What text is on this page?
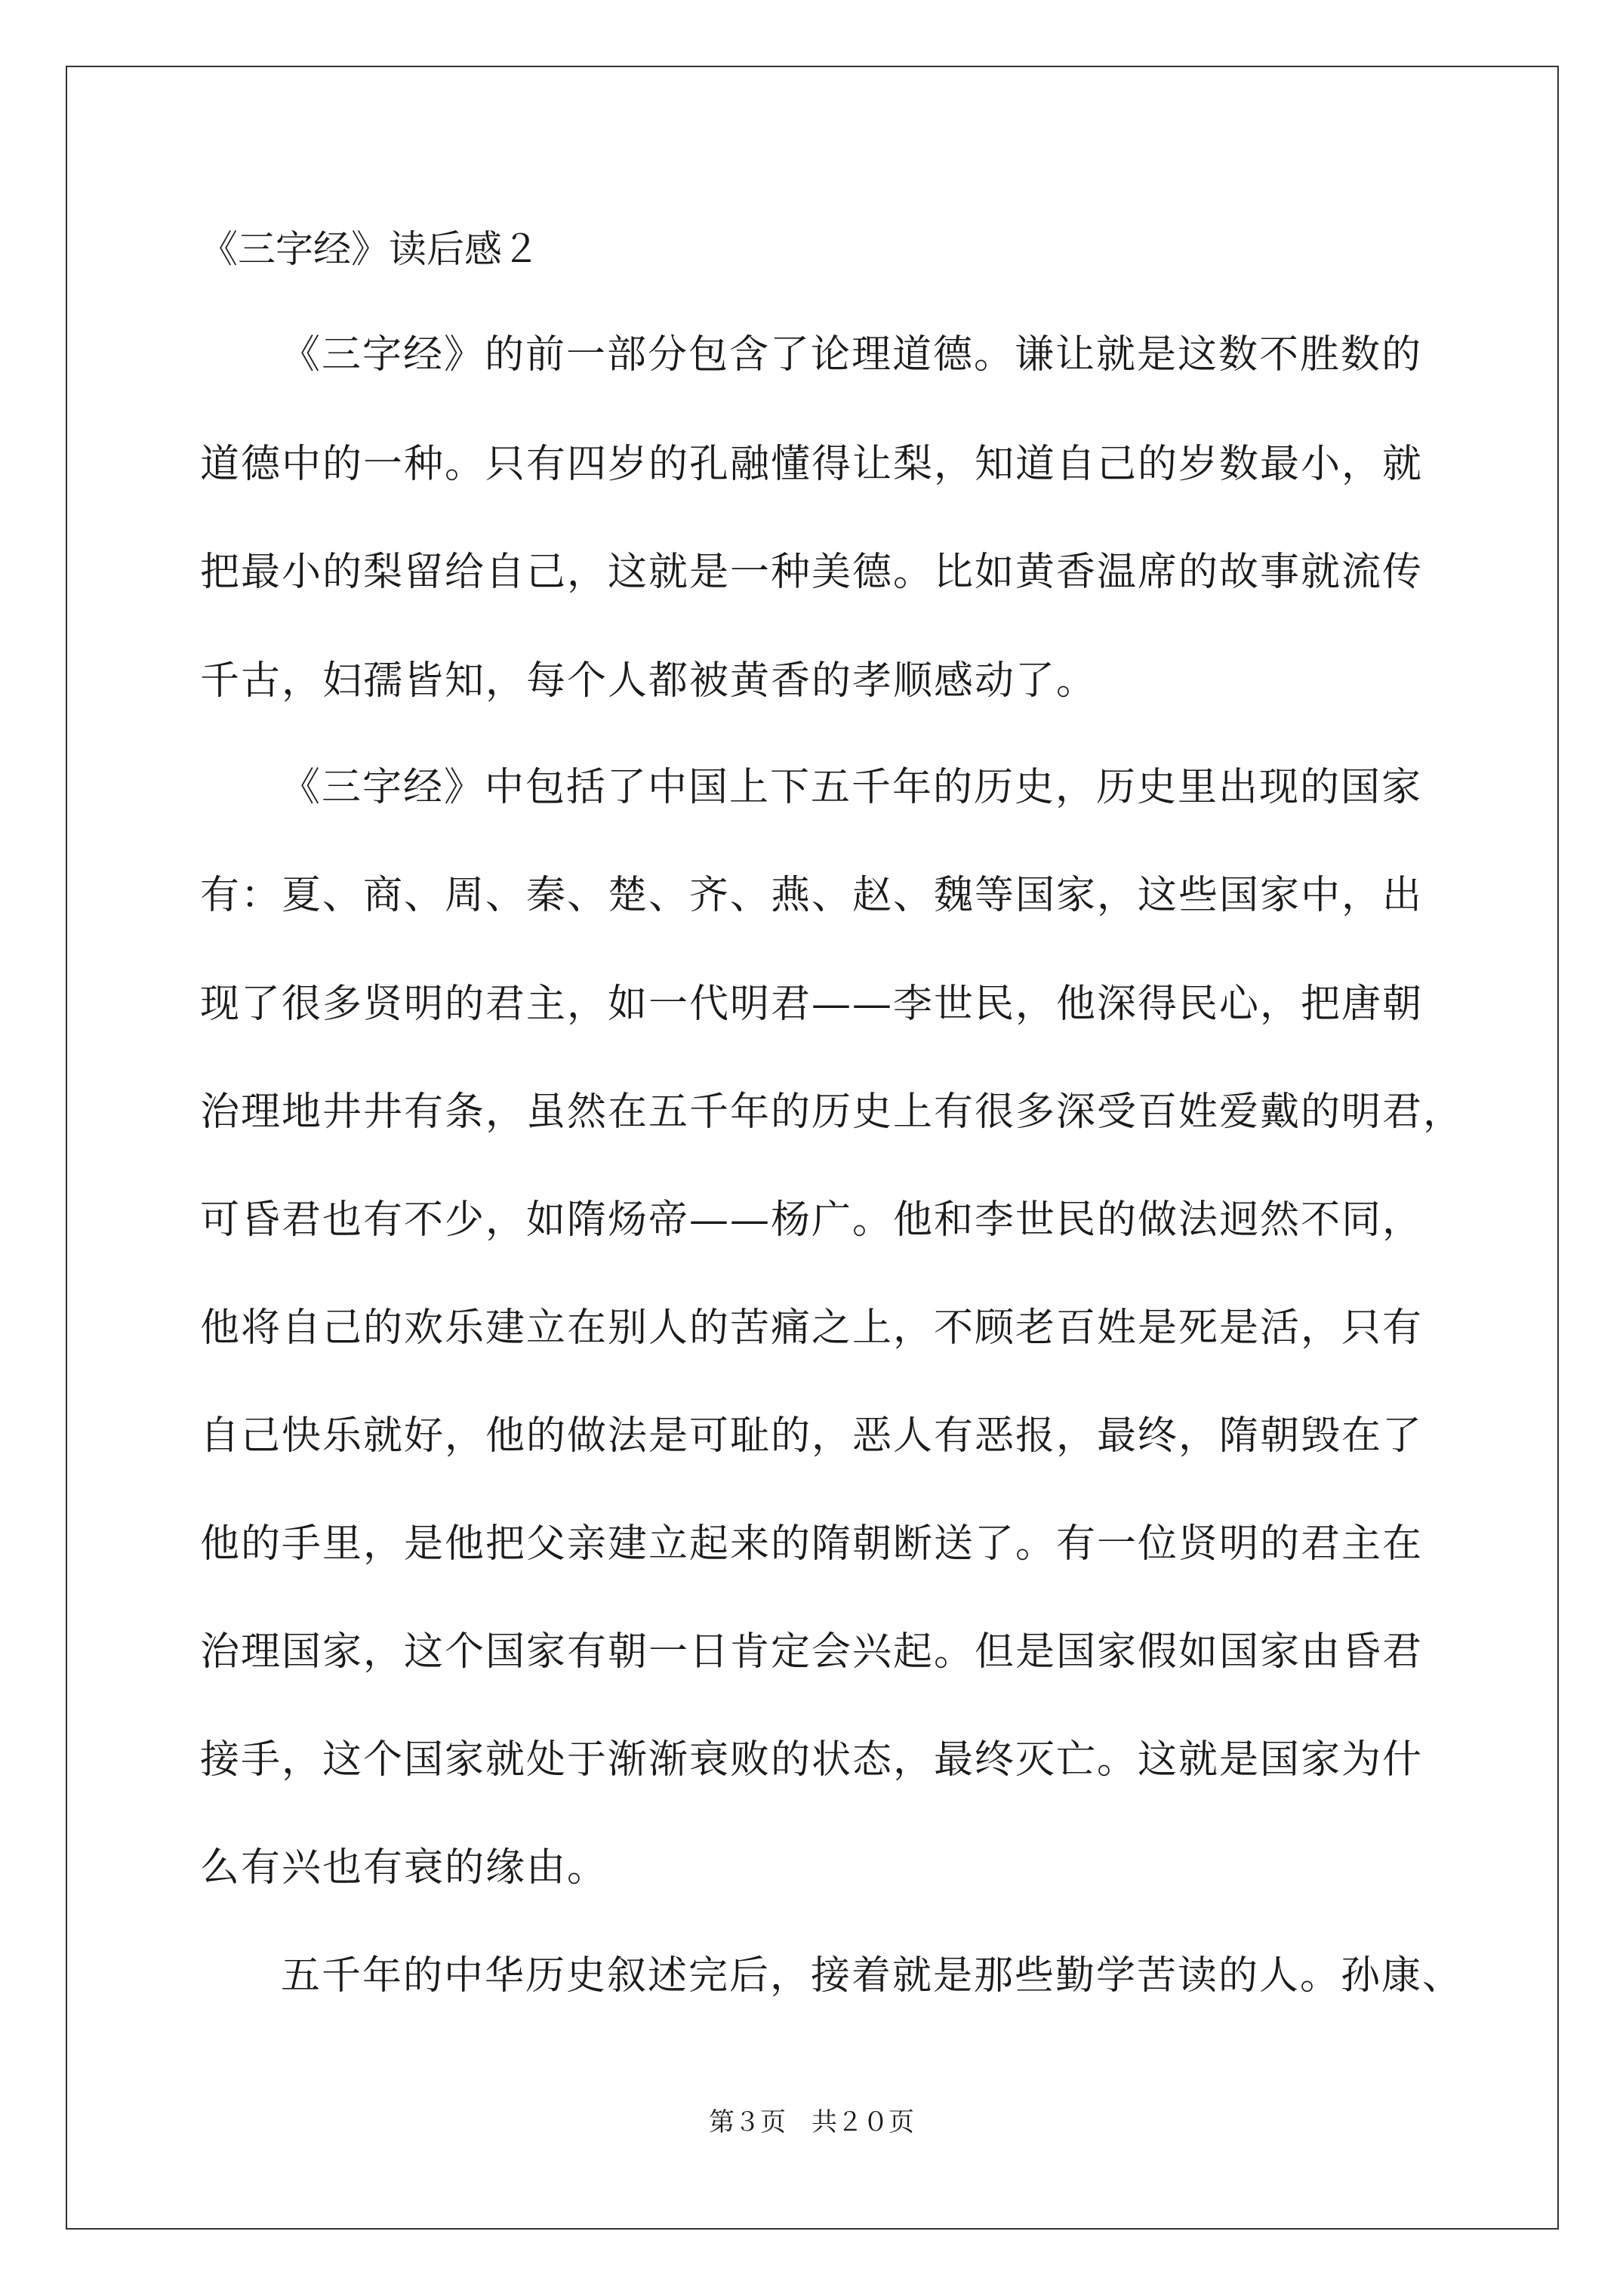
《三字经》读后感２
《三字经》的前一部分包含了论理道德。谦让就是这数不胜数的
道德中的一种。只有四岁的孔融懂得让梨，知道自己的岁数最小，就
把最小的梨留给自己，这就是一种美德。比如黄香温席的故事就流传
千古，妇孺皆知，每个人都被黄香的孝顺感动了。
《三字经》中包括了中国上下五千年的历史，历史里出现的国家
有：夏、商、周、秦、楚、齐、燕、赵、魏等国家，这些国家中，出
现了很多贤明的君主，如一代明君——李世民，他深得民心，把唐朝
治理地井井有条，虽然在五千年的历史上有很多深受百姓爱戴的明君，
可昏君也有不少，如隋炀帝——杨广。他和李世民的做法迥然不同，
他将自己的欢乐建立在别人的苦痛之上，不顾老百姓是死是活，只有
自己快乐就好，他的做法是可耻的，恶人有恶报，最终，隋朝毁在了
他的手里，是他把父亲建立起来的隋朝断送了。有一位贤明的君主在
治理国家，这个国家有朝一日肯定会兴起。但是国家假如国家由昏君
接手，这个国家就处于渐渐衰败的状态，最终灭亡。这就是国家为什
么有兴也有衰的缘由。
五千年的中华历史叙述完后，接着就是那些勤学苦读的人。孙康、
第３页　共２０页
